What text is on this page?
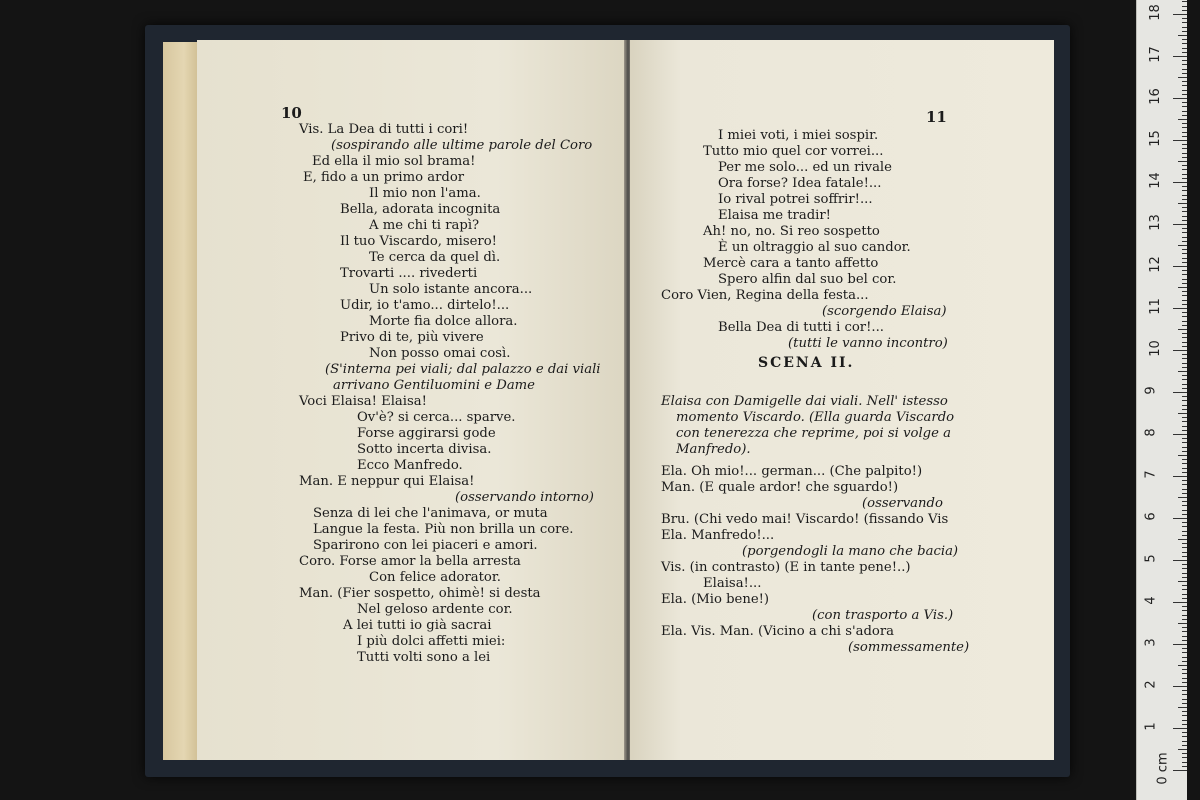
10
Vis. La Dea di tutti i cori!
(sospirando alle ultime parole del Coro
Ed ella il mio sol brama!
E, fido a un primo ardor
Il mio non l'ama.
Bella, adorata incognita
A me chi ti rapì?
Il tuo Viscardo, misero!
Te cerca da quel dì.
Trovarti .... rivederti
Un solo istante ancora...
Udir, io t'amo... dirtelo!...
Morte fia dolce allora.
Privo di te, più vivere
Non posso omai così.
(S'interna pei viali; dal palazzo e dai viali
arrivano Gentiluomini e Dame
Voci Elaisa! Elaisa!
Ov'è? si cerca... sparve.
Forse aggirarsi gode
Sotto incerta divisa.
Ecco Manfredo.
Man. E neppur qui Elaisa!
(osservando intorno)
Senza di lei che l'animava, or muta
Langue la festa. Più non brilla un core.
Sparirono con lei piaceri e amori.
Coro. Forse amor la bella arresta
Con felice adorator.
Man. (Fier sospetto, ohimè! si desta
Nel geloso ardente cor.
A lei tutti io già sacrai
I più dolci affetti miei:
Tutti volti sono a lei
11
SCENA II.
I miei voti, i miei sospir.
Tutto mio quel cor vorrei...
Per me solo... ed un rivale
Ora forse? Idea fatale!...
Io rival potrei soffrir!...
Elaisa me tradir!
Ah! no, no. Si reo sospetto
È un oltraggio al suo candor.
Mercè cara a tanto affetto
Spero alfin dal suo bel cor.
Coro Vien, Regina della festa...
(scorgendo Elaisa)
Bella Dea di tutti i cor!...
(tutti le vanno incontro)
Elaisa con Damigelle dai viali. Nell' istesso
momento Viscardo. (Ella guarda Viscardo
con tenerezza che reprime, poi si volge a
Manfredo).
Ela. Oh mio!... german... (Che palpito!)
Man. (E quale ardor! che sguardo!)
(osservando
Bru. (Chi vedo mai! Viscardo! (fissando Vis
Ela. Manfredo!...
(porgendogli la mano che bacia)
Vis. (in contrasto) (E in tante pene!..)
Elaisa!...
Ela. (Mio bene!)
(con trasporto a Vis.)
Ela. Vis. Man. (Vicino a chi s'adora
(sommessamente)
0 cm
1
2
3
4
5
6
7
8
9
10
11
12
13
14
15
16
17
18
